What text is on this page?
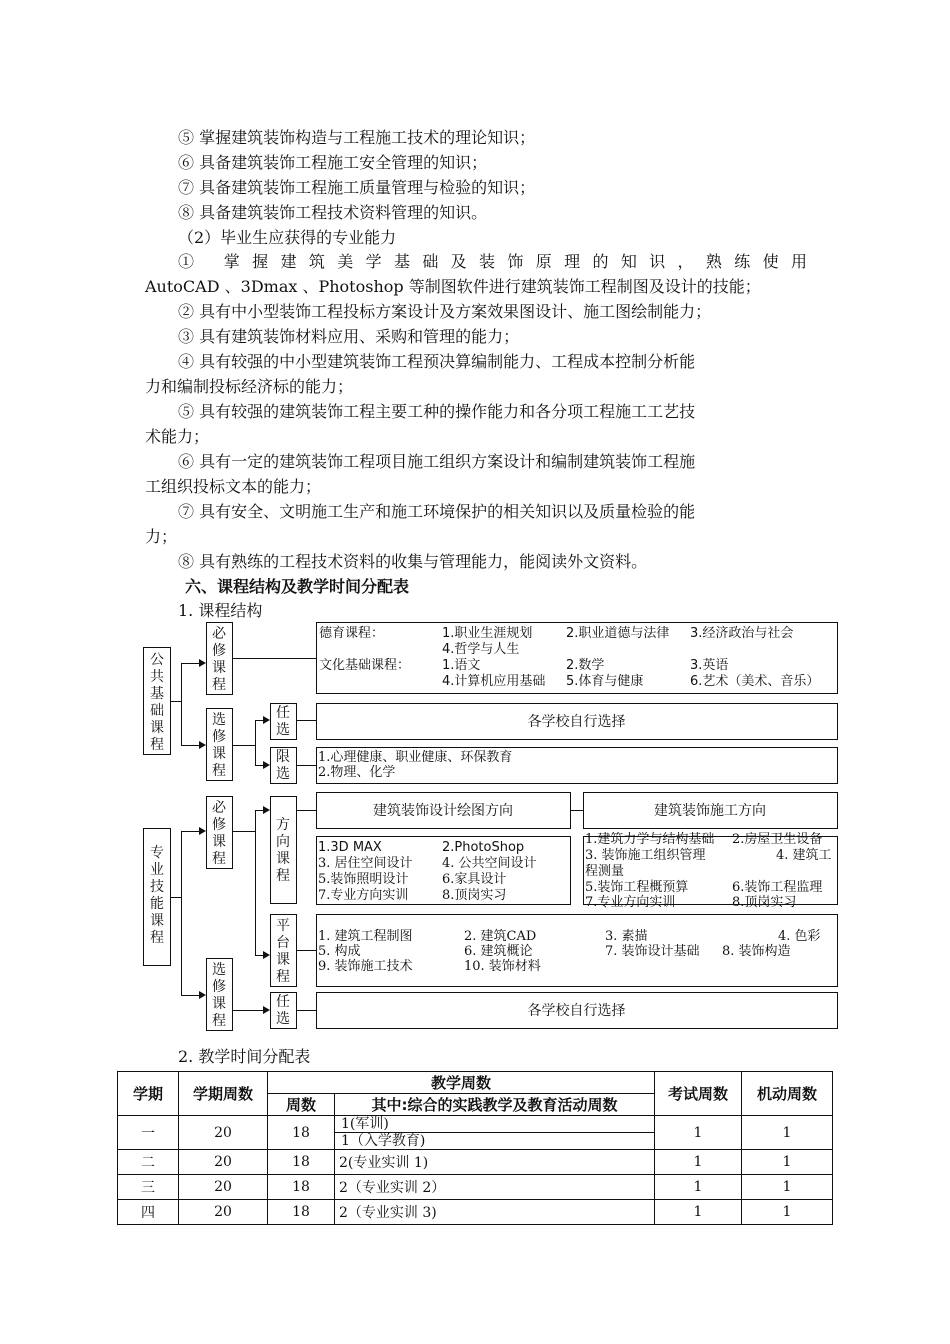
⑤ 掌握建筑装饰构造与工程施工技术的理论知识；
⑥ 具备建筑装饰工程施工安全管理的知识；
⑦ 具备建筑装饰工程施工质量管理与检验的知识；
⑧ 具备建筑装饰工程技术资料管理的知识。
（2）毕业生应获得的专业能力
① 掌握建筑美学基础及装饰原理的知识，熟练使用
AutoCAD 、3Dmax 、Photoshop 等制图软件进行建筑装饰工程制图及设计的技能；
② 具有中小型装饰工程投标方案设计及方案效果图设计、施工图绘制能力；
③ 具有建筑装饰材料应用、采购和管理的能力；
④ 具有较强的中小型建筑装饰工程预决算编制能力、工程成本控制分析能
力和编制投标经济标的能力；
⑤ 具有较强的建筑装饰工程主要工种的操作能力和各分项工程施工工艺技
术能力；
⑥ 具有一定的建筑装饰工程项目施工组织方案设计和编制建筑装饰工程施
工组织投标文本的能力；
⑦ 具有安全、文明施工生产和施工环境保护的相关知识以及质量检验的能
力；
⑧ 具有熟练的工程技术资料的收集与管理能力，能阅读外文资料。
六、课程结构及教学时间分配表
1. 课程结构
公共基础课程
必修课程
选修课程
任选
限选
德育课程：	1.职业生涯规划	2.职业道德与法律 3.经济政治与社会
4.哲学与人生
文化基础课程： 1.语文	2.数学	3.英语
4.计算机应用基础 5.体育与健康	6.艺术（美术、音乐）
各学校自行选择
1.心理健康、职业健康、环保教育
2.物理、化学
专业技能课程
必修课程
方向课程
建筑装饰设计绘图方向	建筑装饰施工方向
1.3D MAX	2.PhotoShop
3. 居住空间设计 4. 公共空间设计
5.装饰照明设计	6.家具设计
7.专业方向实训	8.顶岗实习
1.建筑力学与结构基础 2.房屋卫生设备
3. 装饰施工组织管理	4. 建筑工
程测量
5.装饰工程概预算	6.装饰工程监理
7.专业方向实训	8.顶岗实习
平台课程
1. 建筑工程制图	2. 建筑CAD	3. 素描	4. 色彩
5. 构成	6. 建筑概论	7. 装饰设计基础 8. 装饰构造
9. 装饰施工技术	10. 装饰材料
选修课程
任选	各学校自行选择
2. 教学时间分配表
学期	学期周数	教学周数		考试周数	机动周数
		周数	其中:综合的实践教学及教育活动周数		
一	20	18	1(军训)
1（入学教育)	1	1
二	20	18	2(专业实训 1)	1	1
三	20	18	2（专业实训 2）	1	1
四	20	18	2（专业实训 3)	1	1
